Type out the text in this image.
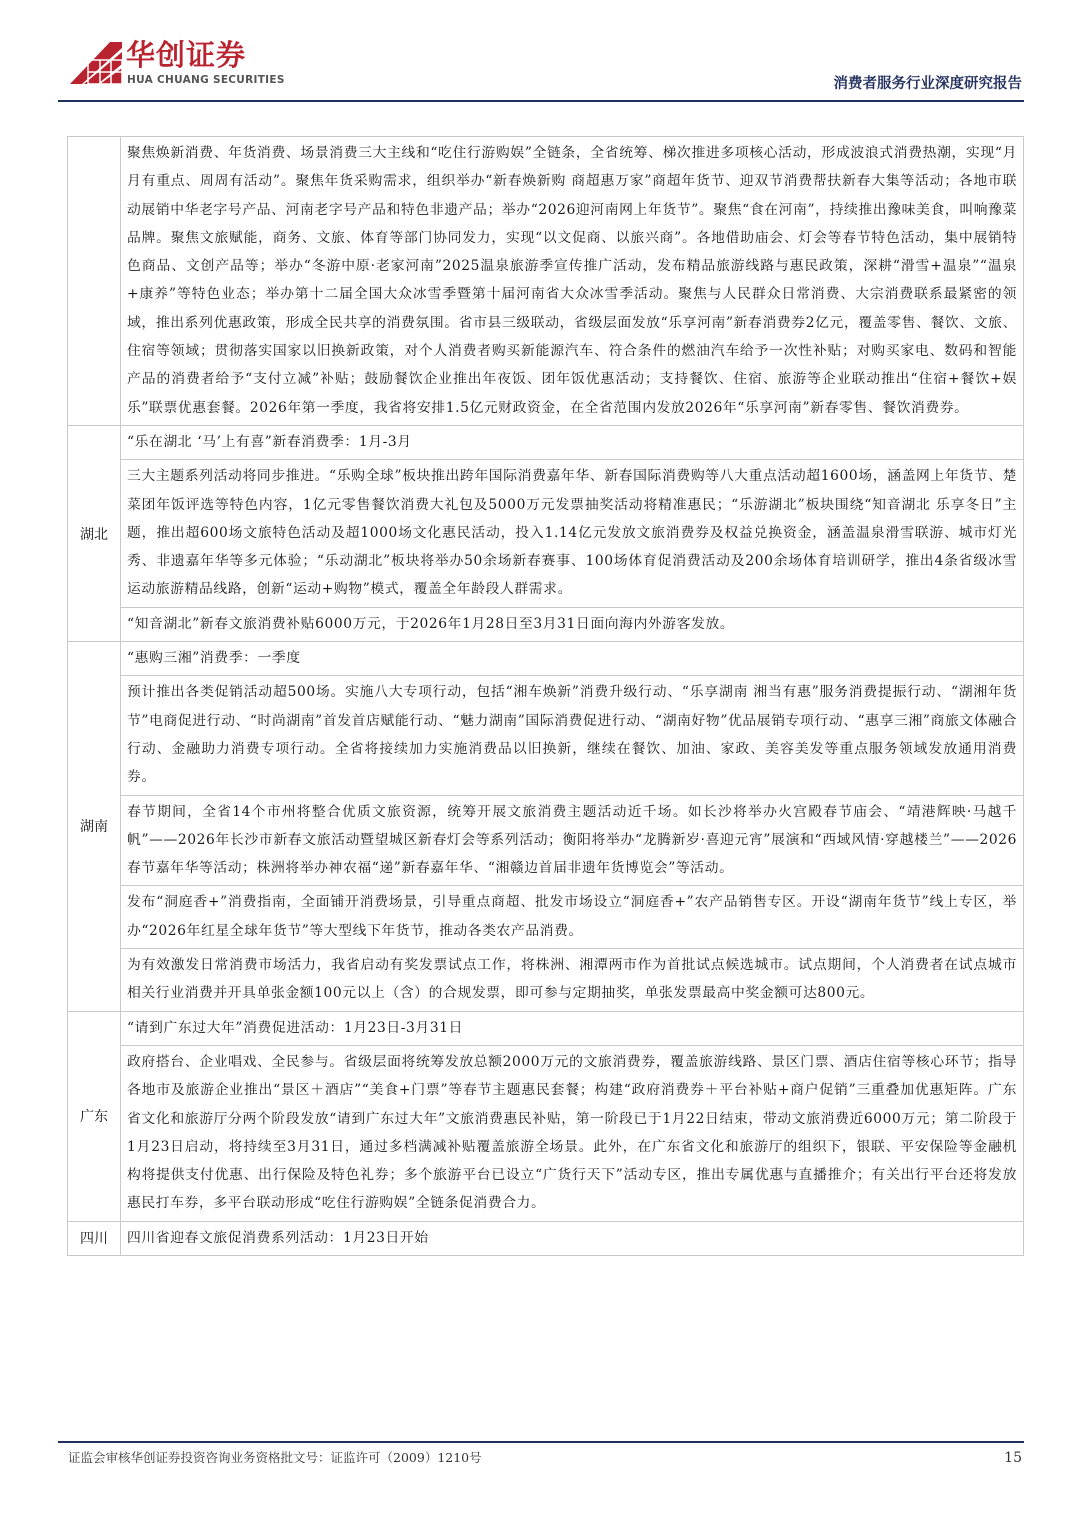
华创证券
HUA CHUANG SECURITIES	消费者服务行业深度研究报告
	聚焦焕新消费、年货消费、场景消费三大主线和“吃住行游购娱”全链条，全省统筹、梯次推进多项核心活动，形成波浪式消费热潮，实现“月月有重点、周周有活动”。聚焦年货采购需求，组织举办“新春焕新购 商超惠万家”商超年货节、迎双节消费帮扶新春大集等活动；各地市联动展销中华老字号产品、河南老字号产品和特色非遗产品；举办“2026迎河南网上年货节”。聚焦“食在河南”，持续推出豫味美食，叫响豫菜品牌。聚焦文旅赋能，商务、文旅、体育等部门协同发力，实现“以文促商、以旅兴商”。各地借助庙会、灯会等春节特色活动，集中展销特色商品、文创产品等；举办“冬游中原·老家河南”2025温泉旅游季宣传推广活动，发布精品旅游线路与惠民政策，深耕“滑雪+温泉”“温泉+康养”等特色业态；举办第十二届全国大众冰雪季暨第十届河南省大众冰雪季活动。聚焦与人民群众日常消费、大宗消费联系最紧密的领域，推出系列优惠政策，形成全民共享的消费氛围。省市县三级联动，省级层面发放“乐享河南”新春消费券2亿元，覆盖零售、餐饮、文旅、住宿等领域；贯彻落实国家以旧换新政策，对个人消费者购买新能源汽车、符合条件的燃油汽车给予一次性补贴；对购买家电、数码和智能产品的消费者给予“支付立减”补贴；鼓励餐饮企业推出年夜饭、团年饭优惠活动；支持餐饮、住宿、旅游等企业联动推出“住宿+餐饮+娱乐”联票优惠套餐。2026年第一季度，我省将安排1.5亿元财政资金，在全省范围内发放2026年“乐享河南”新春零售、餐饮消费券。
湖北	“乐在湖北 ‘马’上有喜”新春消费季：1月-3月
	三大主题系列活动将同步推进。“乐购全球”板块推出跨年国际消费嘉年华、新春国际消费购等八大重点活动超1600场，涵盖网上年货节、楚菜团年饭评选等特色内容，1亿元零售餐饮消费大礼包及5000万元发票抽奖活动将精准惠民；“乐游湖北”板块围绕“知音湖北 乐享冬日”主题，推出超600场文旅特色活动及超1000场文化惠民活动，投入1.14亿元发放文旅消费券及权益兑换资金，涵盖温泉滑雪联游、城市灯光秀、非遗嘉年华等多元体验；“乐动湖北”板块将举办50余场新春赛事、100场体育促消费活动及200余场体育培训研学，推出4条省级冰雪运动旅游精品线路，创新“运动+购物”模式，覆盖全年龄段人群需求。
	“知音湖北”新春文旅消费补贴6000万元，于2026年1月28日至3月31日面向海内外游客发放。
湖南	“惠购三湘”消费季：一季度
	预计推出各类促销活动超500场。实施八大专项行动，包括“湘车焕新”消费升级行动、“乐享湖南 湘当有惠”服务消费提振行动、“湖湘年货节”电商促进行动、“时尚湖南”首发首店赋能行动、“魅力湖南”国际消费促进行动、“湖南好物”优品展销专项行动、“惠享三湘”商旅文体融合行动、金融助力消费专项行动。全省将接续加力实施消费品以旧换新，继续在餐饮、加油、家政、美容美发等重点服务领域发放通用消费券。
	春节期间，全省14个市州将整合优质文旅资源，统筹开展文旅消费主题活动近千场。如长沙将举办火宫殿春节庙会、“靖港辉映·马越千帆”——2026年长沙市新春文旅活动暨望城区新春灯会等系列活动；衡阳将举办“龙腾新岁·喜迎元宵”展演和“西域风情·穿越楼兰”——2026春节嘉年华等活动；株洲将举办神农福“递”新春嘉年华、“湘赣边首届非遗年货博览会”等活动。
	发布“洞庭香+”消费指南，全面铺开消费场景，引导重点商超、批发市场设立“洞庭香+”农产品销售专区。开设“湖南年货节”线上专区，举办“2026年红星全球年货节”等大型线下年货节，推动各类农产品消费。
	为有效激发日常消费市场活力，我省启动有奖发票试点工作，将株洲、湘潭两市作为首批试点候选城市。试点期间，个人消费者在试点城市相关行业消费并开具单张金额100元以上（含）的合规发票，即可参与定期抽奖，单张发票最高中奖金额可达800元。
广东	“请到广东过大年”消费促进活动：1月23日-3月31日
	政府搭台、企业唱戏、全民参与。省级层面将统筹发放总额2000万元的文旅消费券，覆盖旅游线路、景区门票、酒店住宿等核心环节；指导各地市及旅游企业推出“景区＋酒店”“美食+门票”等春节主题惠民套餐；构建“政府消费券＋平台补贴+商户促销”三重叠加优惠矩阵。广东省文化和旅游厅分两个阶段发放“请到广东过大年”文旅消费惠民补贴，第一阶段已于1月22日结束，带动文旅消费近6000万元；第二阶段于1月23日启动，将持续至3月31日，通过多档满减补贴覆盖旅游全场景。此外，在广东省文化和旅游厅的组织下，银联、平安保险等金融机构将提供支付优惠、出行保险及特色礼券；多个旅游平台已设立“广货行天下”活动专区，推出专属优惠与直播推介；有关出行平台还将发放惠民打车券，多平台联动形成“吃住行游购娱”全链条促消费合力。
四川	四川省迎春文旅促消费系列活动：1月23日开始
证监会审核华创证券投资咨询业务资格批文号：证监许可（2009）1210号	15
